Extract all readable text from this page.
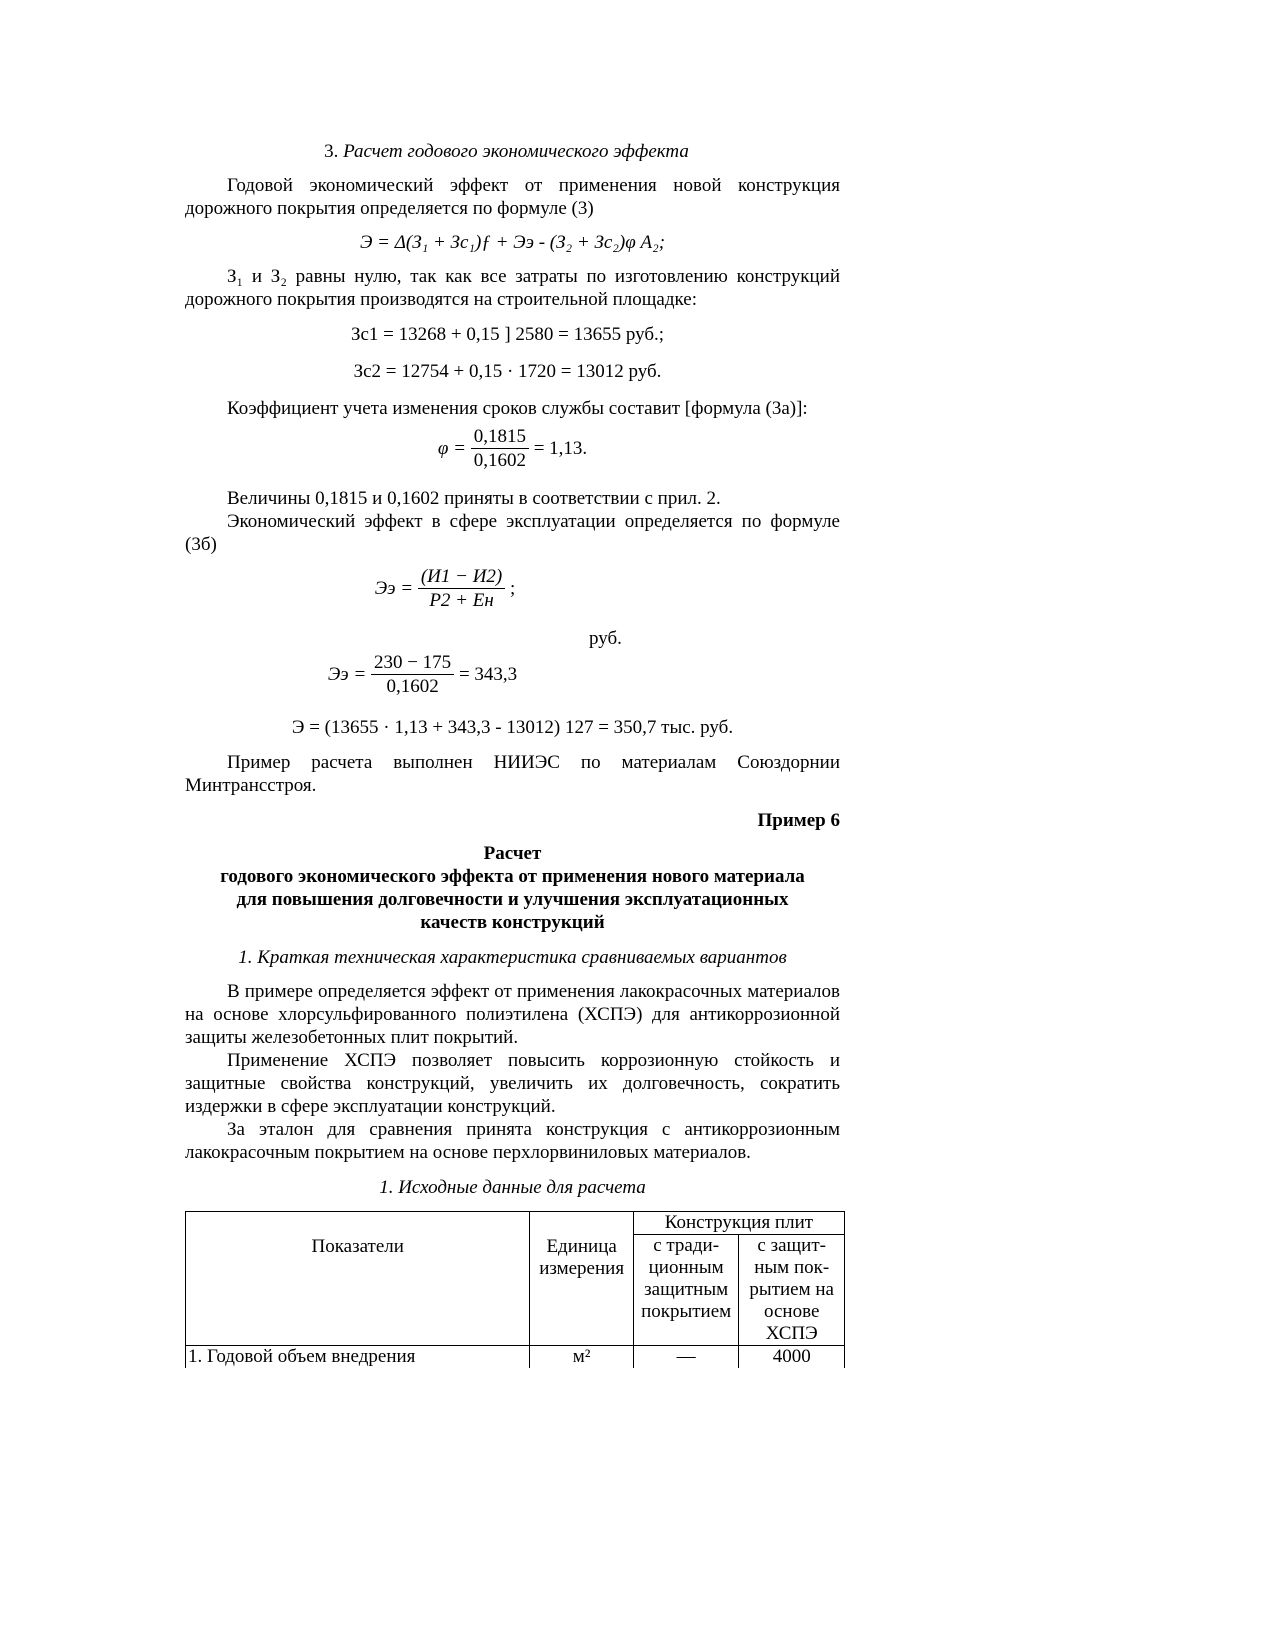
3. Расчет годового экономического эффекта

Годовой экономический эффект от применения новой конструкция дорожного покрытия определяется по формуле (3)

Э = Δ(З₁ + Зс₁)ƒ + Ээ - (З₂ + Зс₂)φ А₂;

З₁ и З₂ равны нулю, так как все затраты по изготовлению конструкций дорожного покрытия производятся на строительной площадке:

Зс1 = 13268 + 0,15 ] 2580 = 13655 руб.;

Зс2 = 12754 + 0,15 · 1720 = 13012 руб.

Коэффициент учета изменения сроков службы составит [формула (3а)]:

$\varphi = \frac{0,1815}{0,1602} = 1,13$.

Величины 0,1815 и 0,1602 приняты в соответствии с прил. 2.

Экономический эффект в сфере эксплуатации определяется по формуле (3б)

Ээ = $\frac{(И1 - И2)}{Р2 + Ен}$ ;

руб.

Ээ = $\frac{230 - 175}{0,1602} = 343,3$

Э = (13655 · 1,13 + 343,3 - 13012) 127 = 350,7 тыс. руб.

Пример расчета выполнен НИИЭС по материалам Союздорнии Минтрансстроя.

Пример 6

Расчет

годового экономического эффекта от применения нового материала

для повышения долговечности и улучшения эксплуатационных

качеств конструкций

1. Краткая техническая характеристика сравниваемых вариантов

В примере определяется эффект от применения лакокрасочных материалов на основе хлорсульфированного полиэтилена (ХСПЭ) для антикоррозионной защиты железобетонных плит покрытий.

Применение ХСПЭ позволяет повысить коррозионную стойкость и защитные свойства конструкций, увеличить их долговечность, сократить издержки в сфере эксплуатации конструкций.

За эталон для сравнения принята конструкция с антикоррозионным лакокрасочным покрытием на основе перхлорвиниловых материалов.

1. Исходные данные для расчета

Показатели	Единица измерения	Конструкция плит	
		с тради-ционным защитным покрытием	с защит-ным пок-рытием на основе ХСПЭ
1. Годовой объем внедрения	м²	—	4000
